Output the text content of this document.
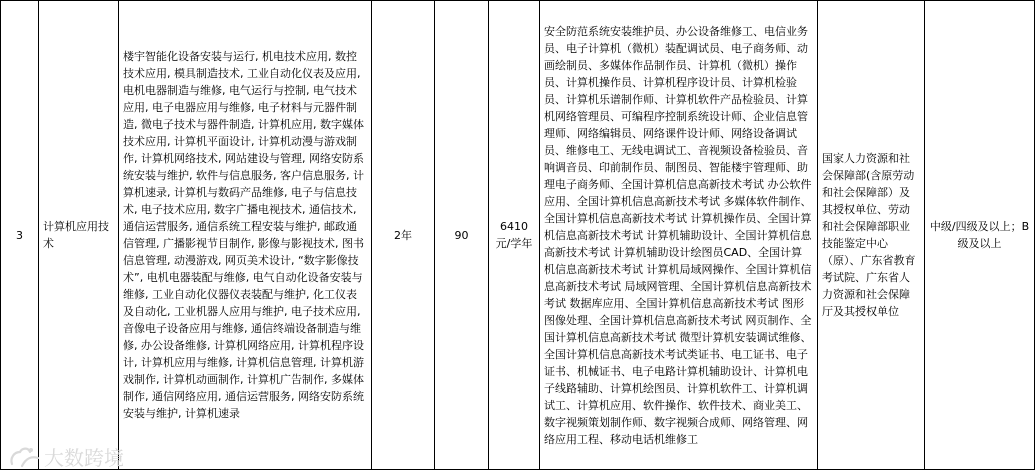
3	计算机应用技术	楼宇智能化设备安装与运行, 机电技术应用, 数控技术应用, 模具制造技术, 工业自动化仪表及应用, 电机电器制造与维修, 电气运行与控制, 电气技术应用, 电子电器应用与维修, 电子材料与元器件制造, 微电子技术与器件制造, 计算机应用, 数字媒体技术应用, 计算机平面设计, 计算机动漫与游戏制作, 计算机网络技术, 网站建设与管理, 网络安防系统安装与维护, 软件与信息服务, 客户信息服务, 计算机速录, 计算机与数码产品维修, 电子与信息技术, 电子技术应用, 数字广播电视技术, 通信技术, 通信运营服务, 通信系统工程安装与维护, 邮政通信管理, 广播影视节目制作, 影像与影视技术, 图书信息管理, 动漫游戏, 网页美术设计, “数字影像技术”, 电机电器装配与维修, 电气自动化设备安装与维修, 工业自动化仪器仪表装配与维护, 化工仪表及自动化, 工业机器人应用与维护, 电子技术应用, 音像电子设备应用与维修, 通信终端设备制造与维修, 办公设备维修, 计算机网络应用, 计算机程序设计, 计算机应用与维修, 计算机信息管理, 计算机游戏制作, 计算机动画制作, 计算机广告制作, 多媒体制作, 通信网络应用, 通信运营服务, 网络安防系统安装与维护, 计算机速录	2年	90	6410元/学年	安全防范系统安装维护员、办公设备维修工、电信业务员、电子计算机（微机）装配调试员、电子商务师、动画绘制员、多媒体作品制作员、计算机（微机）操作员、计算机操作员、计算机程序设计员、计算机检验员、计算机乐谱制作师、计算机软件产品检验员、计算机网络管理员、可编程序控制系统设计师、企业信息管理师、网络编辑员、网络课件设计师、网络设备调试员、维修电工、无线电调试工、音视频设备检验员、音响调音员、印前制作员、制图员、智能楼宇管理师、助理电子商务师、全国计算机信息高新技术考试 办公软件应用、全国计算机信息高新技术考试 多媒体软件制作、全国计算机信息高新技术考试 计算机操作员、全国计算机信息高新技术考试 计算机辅助设计、全国计算机信息高新技术考试 计算机辅助设计绘图员CAD、全国计算机信息高新技术考试 计算机局域网操作、全国计算机信息高新技术考试 局域网管理、全国计算机信息高新技术考试 数据库应用、全国计算机信息高新技术考试 图形图像处理、全国计算机信息高新技术考试 网页制作、全国计算机信息高新技术考试 微型计算机安装调试维修、全国计算机信息高新技术考试类证书、电工证书、电子证书、机械证书、电子电路计算机辅助设计、计算机电子线路辅助、计算机绘图员、计算机软件工、计算机调试工、计算机应用、软件操作、软件技术、商业美工、数字视频策划制作师、数字视频合成师、网络管理、网络应用工程、移动电话机维修工	国家人力资源和社会保障部(含原劳动和社会保障部）及其授权单位、劳动和社会保障部职业技能鉴定中心（原）、广东省教育考试院、广东省人力资源和社会保障厅及其授权单位	中级/四级及以上；B级及以上
大数跨境
